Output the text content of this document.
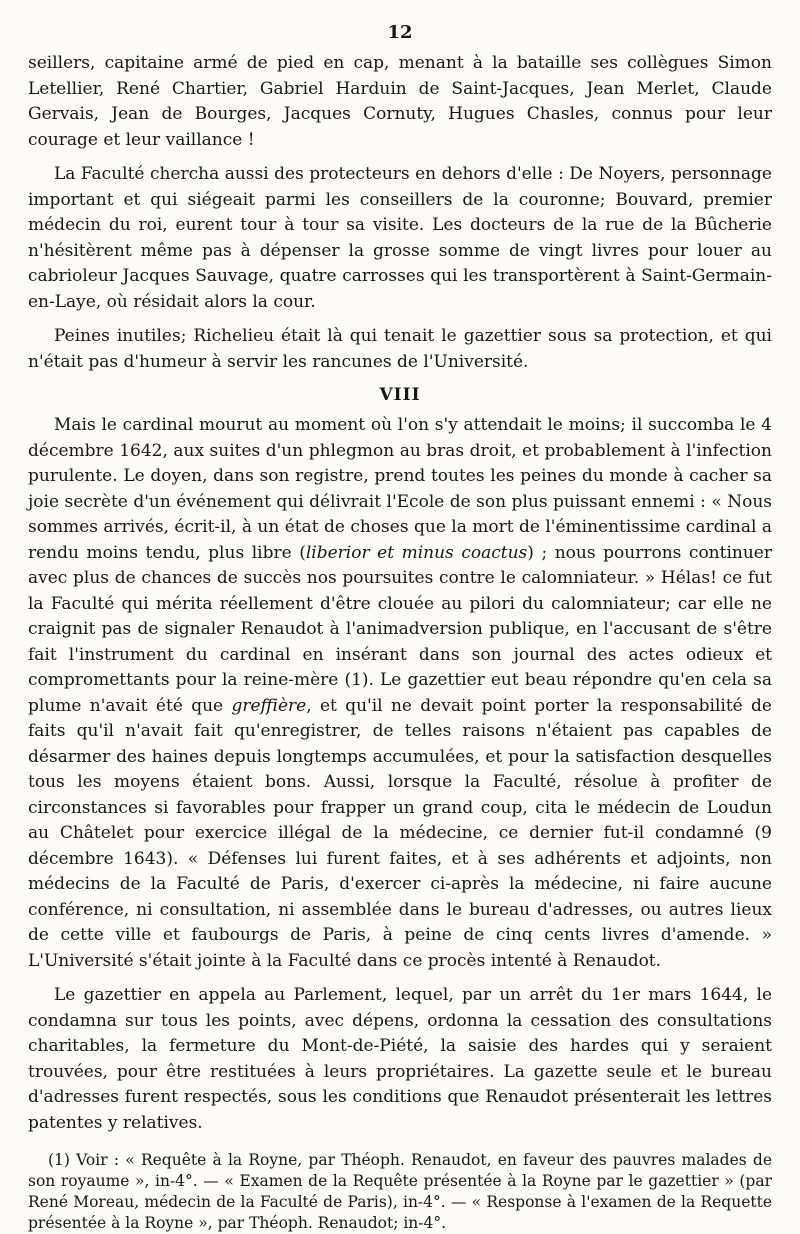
12

seillers, capitaine armé de pied en cap, menant à la bataille ses collègues Simon Letellier, René Chartier, Gabriel Harduin de Saint-Jacques, Jean Merlet, Claude Gervais, Jean de Bourges, Jacques Cornuty, Hugues Chasles, connus pour leur courage et leur vaillance !

La Faculté chercha aussi des protecteurs en dehors d'elle : De Noyers, personnage important et qui siégeait parmi les conseillers de la couronne; Bouvard, premier médecin du roi, eurent tour à tour sa visite. Les docteurs de la rue de la Bûcherie n'hésitèrent même pas à dépenser la grosse somme de vingt livres pour louer au cabrioleur Jacques Sauvage, quatre carrosses qui les transportèrent à Saint-Germain-en-Laye, où résidait alors la cour.

Peines inutiles; Richelieu était là qui tenait le gazettier sous sa protection, et qui n'était pas d'humeur à servir les rancunes de l'Université.

VIII

Mais le cardinal mourut au moment où l'on s'y attendait le moins; il succomba le 4 décembre 1642, aux suites d'un phlegmon au bras droit, et probablement à l'infection purulente. Le doyen, dans son registre, prend toutes les peines du monde à cacher sa joie secrète d'un événement qui délivrait l'Ecole de son plus puissant ennemi : « Nous sommes arrivés, écrit-il, à un état de choses que la mort de l'éminentissime cardinal a rendu moins tendu, plus libre (liberior et minus coactus) ; nous pourrons continuer avec plus de chances de succès nos poursuites contre le calomniateur. » Hélas! ce fut la Faculté qui mérita réellement d'être clouée au pilori du calomniateur; car elle ne craignit pas de signaler Renaudot à l'animadversion publique, en l'accusant de s'être fait l'instrument du cardinal en insérant dans son journal des actes odieux et compromettants pour la reine-mère (1). Le gazettier eut beau répondre qu'en cela sa plume n'avait été que greffière, et qu'il ne devait point porter la responsabilité de faits qu'il n'avait fait qu'enregistrer, de telles raisons n'étaient pas capables de désarmer des haines depuis longtemps accumulées, et pour la satisfaction desquelles tous les moyens étaient bons. Aussi, lorsque la Faculté, résolue à profiter de circonstances si favorables pour frapper un grand coup, cita le médecin de Loudun au Châtelet pour exercice illégal de la médecine, ce dernier fut-il condamné (9 décembre 1643). « Défenses lui furent faites, et à ses adhérents et adjoints, non médecins de la Faculté de Paris, d'exercer ci-après la médecine, ni faire aucune conférence, ni consultation, ni assemblée dans le bureau d'adresses, ou autres lieux de cette ville et faubourgs de Paris, à peine de cinq cents livres d'amende. » L'Université s'était jointe à la Faculté dans ce procès intenté à Renaudot.

Le gazettier en appela au Parlement, lequel, par un arrêt du 1er mars 1644, le condamna sur tous les points, avec dépens, ordonna la cessation des consultations charitables, la fermeture du Mont-de-Piété, la saisie des hardes qui y seraient trouvées, pour être restituées à leurs propriétaires. La gazette seule et le bureau d'adresses furent respectés, sous les conditions que Renaudot présenterait les lettres patentes y relatives.

(1) Voir : « Requête à la Royne, par Théoph. Renaudot, en faveur des pauvres malades de son royaume », in-4°. — « Examen de la Requête présentée à la Royne par le gazettier » (par René Moreau, médecin de la Faculté de Paris), in-4°. — « Response à l'examen de la Requette présentée à la Royne », par Théoph. Renaudot; in-4°.
